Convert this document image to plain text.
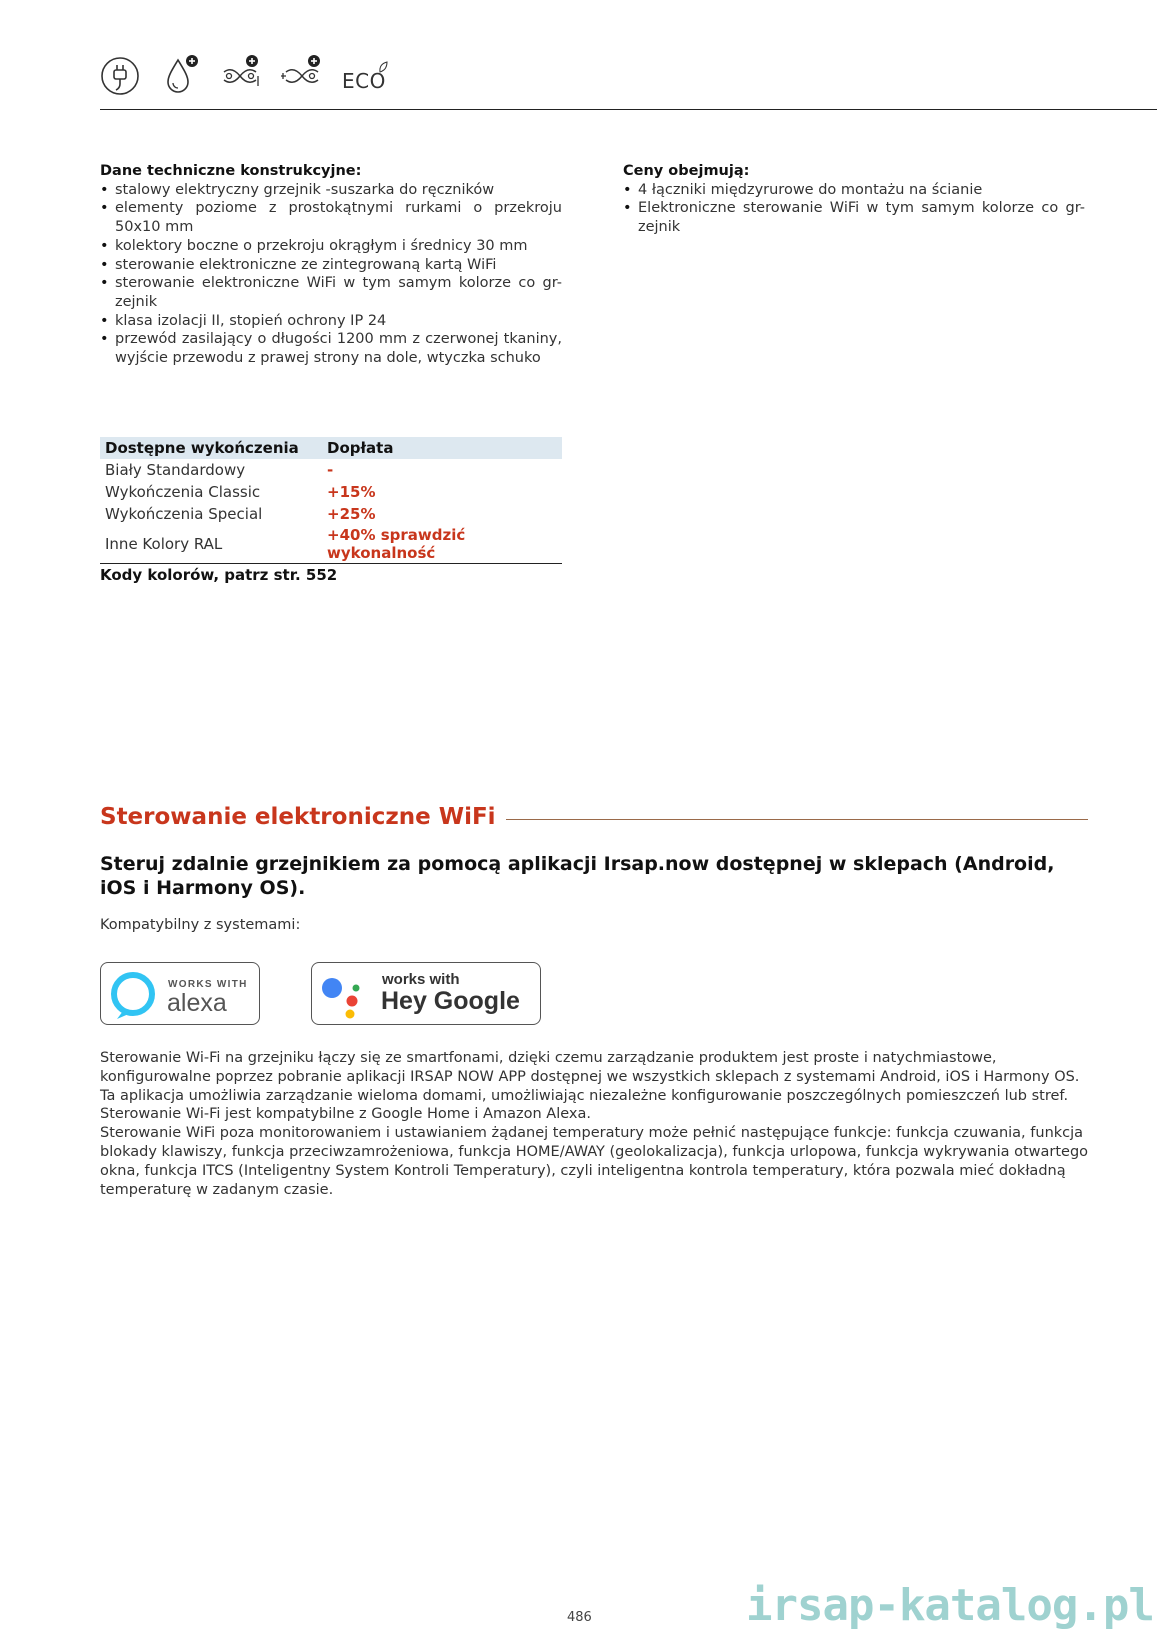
ECO
Dane techniczne konstrukcyjne:
• stalowy elektryczny grzejnik -suszarka do ręczników
• elementy poziome z prostokątnymi rurkami o przekroju 50x10 mm
• kolektory boczne o przekroju okrągłym i średnicy 30 mm
• sterowanie elektroniczne ze zintegrowaną kartą WiFi
• sterowanie elektroniczne WiFi w tym samym kolorze co gr-zejnik
• klasa izolacji II, stopień ochrony IP 24
• przewód zasilający o długości 1200 mm z czerwonej tkaniny, wyjście przewodu z prawej strony na dole, wtyczka schuko
Ceny obejmują:
• 4 łączniki międzyrurowe do montażu na ścianie
• Elektroniczne sterowanie WiFi w tym samym kolorze co gr-zejnik
Dostępne wykończenia	Dopłata
Biały Standardowy	-
Wykończenia Classic	+15%
Wykończenia Special	+25%
Inne Kolory RAL	+40% sprawdzić wykonalność
Kody kolorów, patrz str. 552
Sterowanie elektroniczne WiFi
Steruj zdalnie grzejnikiem za pomocą aplikacji Irsap.now dostępnej w sklepach (Android, iOS i Harmony OS).
Kompatybilny z systemami:
WORKS WITH
alexa
works with
Hey Google

Sterowanie Wi-Fi na grzejniku łączy się ze smartfonami, dzięki czemu zarządzanie produktem jest proste i natychmiastowe, konfigurowalne poprzez pobranie aplikacji IRSAP NOW APP dostępnej we wszystkich sklepach z systemami Android, iOS i Harmony OS.

Ta aplikacja umożliwia zarządzanie wieloma domami, umożliwiając niezależne konfigurowanie poszczególnych pomieszczeń lub stref.

Sterowanie Wi-Fi jest kompatybilne z Google Home i Amazon Alexa.

Sterowanie WiFi poza monitorowaniem i ustawianiem żądanej temperatury może pełnić następujące funkcje: funkcja czuwania, funkcja blokady klawiszy, funkcja przeciwzamrożeniowa, funkcja HOME/AWAY (geolokalizacja), funkcja urlopowa, funkcja wykrywania otwartego okna, funkcja ITCS (Inteligentny System Kontroli Temperatury), czyli inteligentna kontrola temperatury, która pozwala mieć dokładną temperaturę w zadanym czasie.

irsap-katalog.pl
486
